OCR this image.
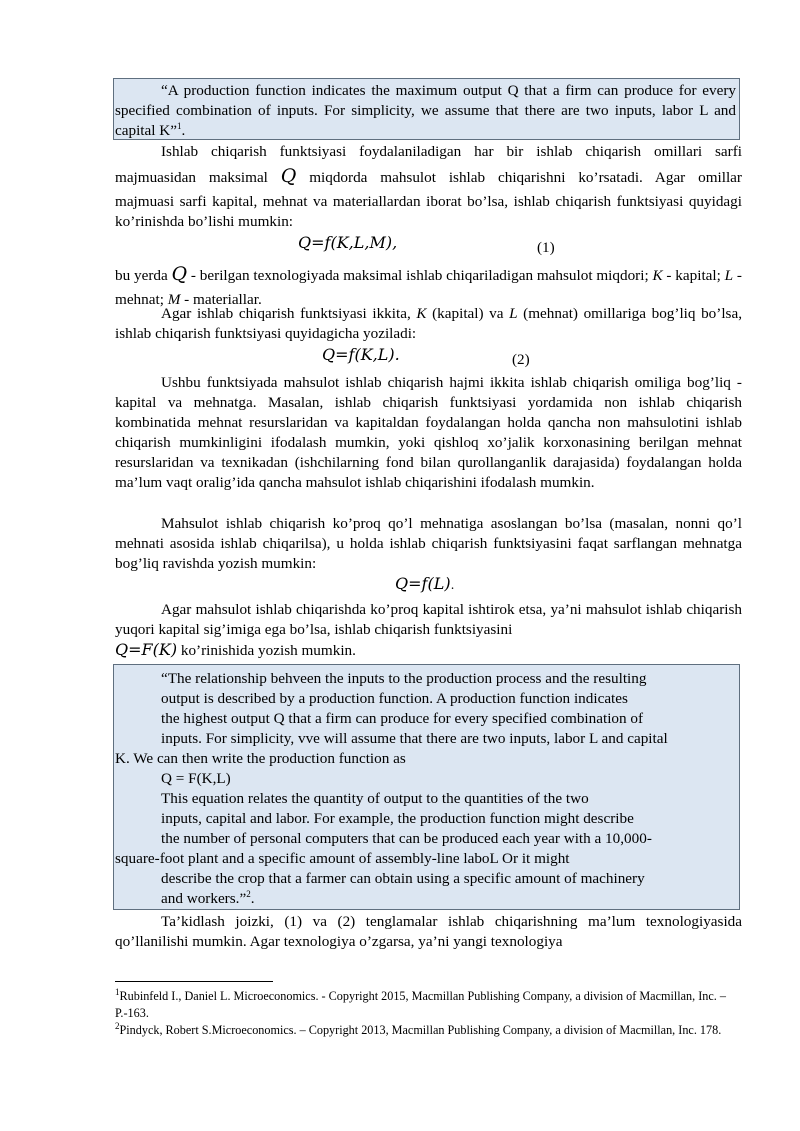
“A production function indicates the maximum output Q that a firm can produce for every specified combination of inputs. For simplicity, we assume that there are two inputs, labor L and capital K”$^1$.

Ishlab chiqarish funktsiyasi foydalaniladigan har bir ishlab chiqarish omillari sarfi

majmuasidan maksimal Q miqdorda mahsulot ishlab chiqarishni ko’rsatadi. Agar omillar

majmuasi sarfi kapital, mehnat va materiallardan iborat bo’lsa, ishlab chiqarish funktsiyasi quyidagi ko’rinishda bo’lishi mumkin:

Q=f(K,L,M),	(1)

bu yerda Q - berilgan texnologiyada maksimal ishlab chiqariladigan mahsulot miqdori; K - kapital; L - mehnat; M - materiallar.

Agar ishlab chiqarish funktsiyasi ikkita, K (kapital) va L (mehnat) omillariga bog’liq bo’lsa, ishlab chiqarish funktsiyasi quyidagicha yoziladi:

Q=f(K,L).	(2)

Ushbu funktsiyada mahsulot ishlab chiqarish hajmi ikkita ishlab chiqarish omiliga bog’liq - kapital va mehnatga. Masalan, ishlab chiqarish funktsiyasi yordamida non ishlab chiqarish kombinatida mehnat resurslaridan va kapitaldan foydalangan holda qancha non mahsulotini ishlab chiqarish mumkinligini ifodalash mumkin, yoki qishloq xo’jalik korxonasining berilgan mehnat resurslaridan va texnikadan (ishchilarning fond bilan qurollanganlik darajasida) foydalangan holda ma’lum vaqt oralig’ida qancha mahsulot ishlab chiqarishini ifodalash mumkin.

Mahsulot ishlab chiqarish ko’proq qo’l mehnatiga asoslangan bo’lsa (masalan, nonni qo’l mehnati asosida ishlab chiqarilsa), u holda ishlab chiqarish funktsiyasini faqat sarflangan mehnatga bog’liq ravishda yozish mumkin:

Q=f(L).

Agar mahsulot ishlab chiqarishda ko’proq kapital ishtirok etsa, ya’ni mahsulot ishlab chiqarish yuqori kapital sig’imiga ega bo’lsa, ishlab chiqarish funktsiyasini

Q=F(K) ko’rinishida yozish mumkin.

“The relationship behveen the inputs to the production process and the resulting

output is described by a production function. A production function indicates

the highest output Q that a firm can produce for every specified combination of

inputs. For simplicity, vve will assume that there are two inputs, labor L and capital

K. We can then write the production function as

Q = F(K,L)

This equation relates the quantity of output to the quantities of the two

inputs, capital and labor. For example, the production function might describe

the number of personal computers that can be produced each year with a 10,000-

square-foot plant and a specific amount of assembly-line laboL Or it might

describe the crop that a farmer can obtain using a specific amount of machinery

and workers.”$^2$.

Ta’kidlash joizki, (1) va (2) tenglamalar ishlab chiqarishning ma’lum texnologiyasida qo’llanilishi mumkin. Agar texnologiya o’zgarsa, ya’ni yangi texnologiya

$^1$Rubinfeld I., Daniel L. Microeconomics. - Copyright 2015, Macmillan Publishing Company, a division of Macmillan, Inc. –P.-163.

$^2$Pindyck, Robert S.Microeconomics. – Copyright 2013, Macmillan Publishing Company, a division of Macmillan, Inc. 178.
